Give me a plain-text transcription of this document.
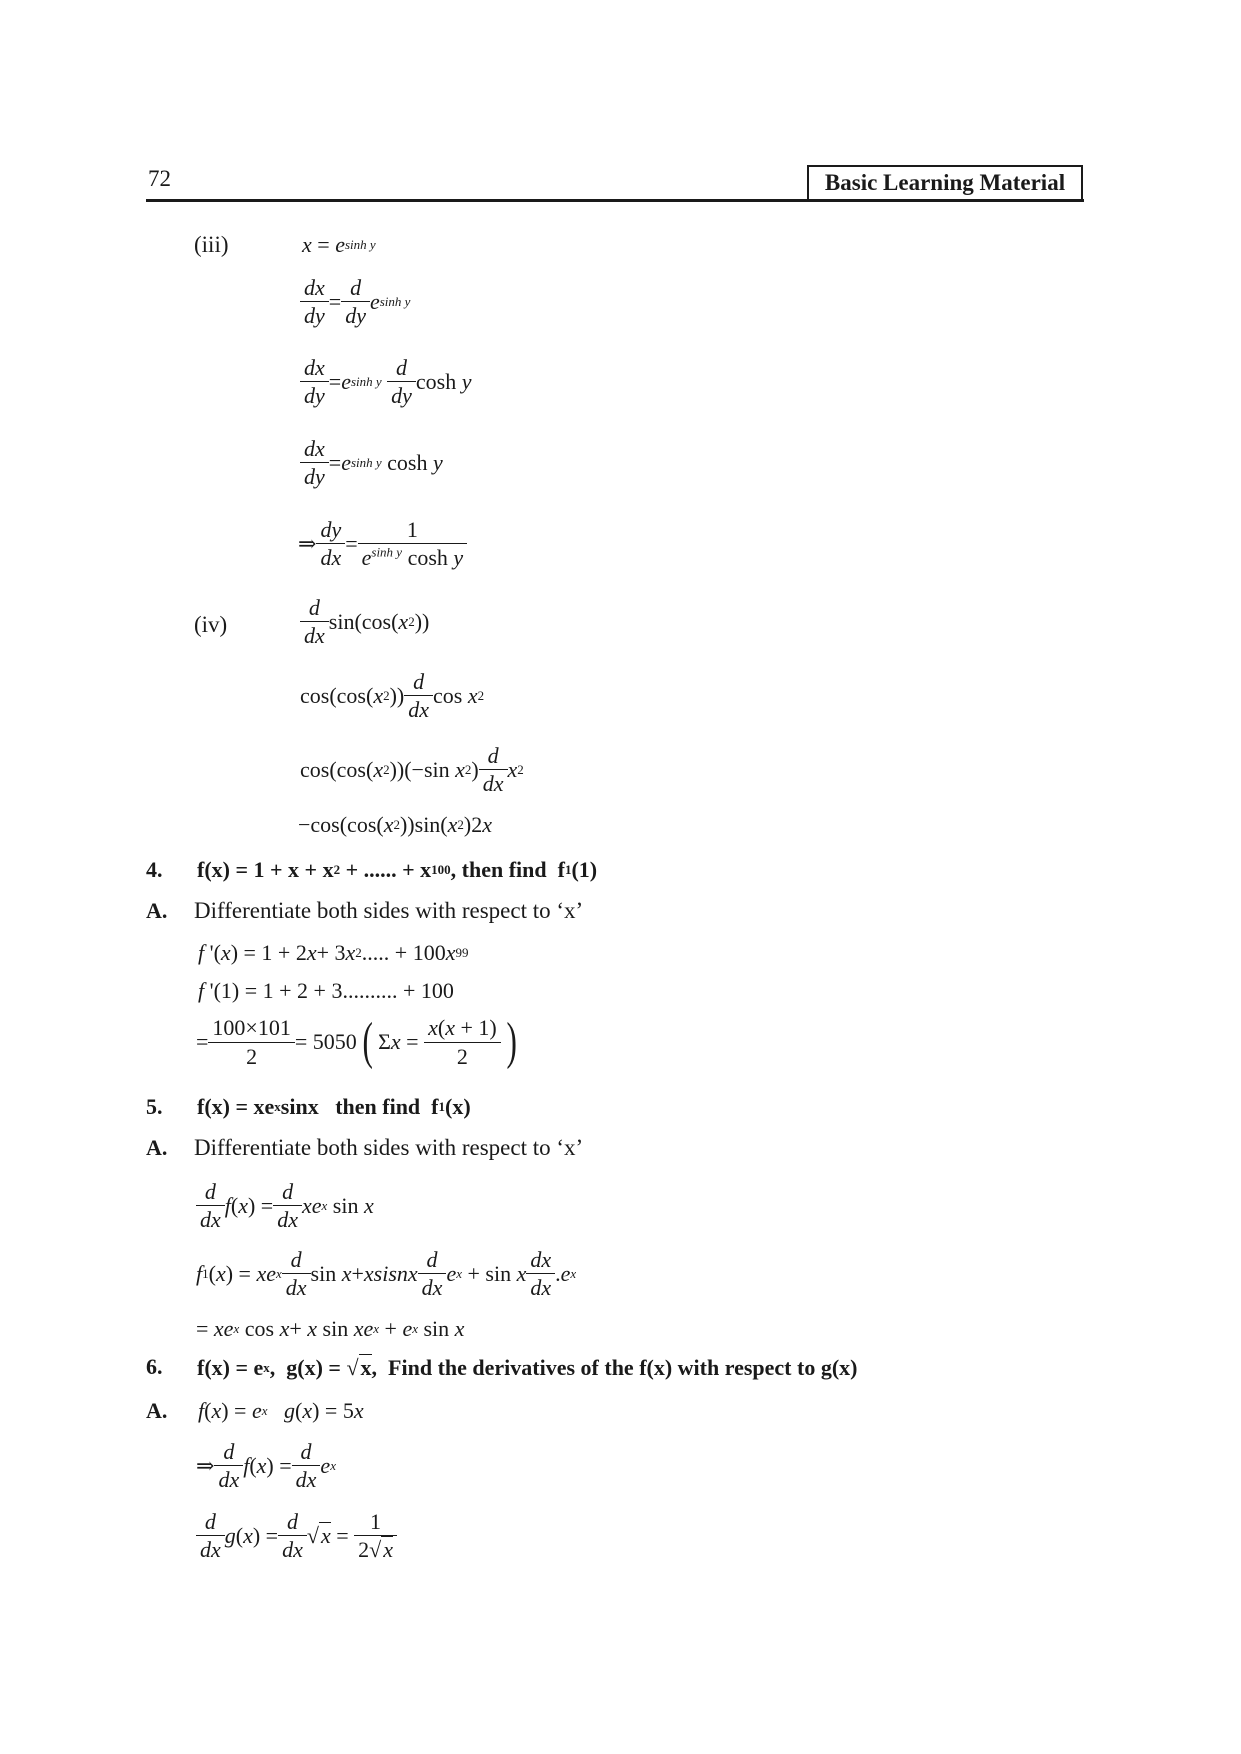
72	Basic Learning Material
(iii)	x = e sinh y
$\frac{dx}{dy} = \frac{d}{dy}$ e sinh y
$\frac{dx}{dy} = e$ sinh y
$\frac{d}{dy}$ cosh y
$\frac{dx}{dy} = e$ sinh y
cosh y
⇒ $\frac{dy}{dx} = \frac{1}{e^{sinh y} \cosh y}$
(iv)	$\frac{d}{dx} \sin(\cos$( x 2 ))
cos(cos( x 2 )) $\frac{d}{dx}$ cos x 2
cos(cos( x 2 ))(−sin x 2 ) $\frac{d}{dx}$ x 2
−cos(cos( x 2 ))sin( x 2 )2 x
4. f(x) = 1 + x + x 2 + ...... + x 100 , then find  f 1 (1)
A. Differentiate both sides with respect to ‘x’
f '( x ) = 1 + 2 x + 3 x 2 ..... + 100 x 99
f '(1) = 1 + 2 + 3.......... + 100
= $\frac{100\times 101}{2} = 5050$ ( Σ $x = \frac{x(x + 1)}{2}$ )
5. f(x) = xe x sinx   then find  f 1 (x)
A. Differentiate both sides with respect to ‘x’
$\frac{d}{dx}$ f ( x ) = $\frac{d}{dx}$ xe x
sin x
f 1 ( x ) = xe x $\frac{d}{dx}$ sin x + xsisnx $\frac{d}{dx}$ e x + sin x $\frac{dx}{dx}$ . e x
= xe x
cos x + x sin xe x + e x
sin x
6. f(x) = e x ,  g(x) = √ x ,  Find the derivatives of the f(x) with respect to g(x)
A. f ( x ) = e x g ( x ) = 5 x
⇒ $\frac{d}{dx}$ f ( x ) = $\frac{d}{dx}$ e x
$\frac{d}{dx}$ g ( x ) = $\frac{d}{dx}$ √ $x = \frac{1}{2√x}$
